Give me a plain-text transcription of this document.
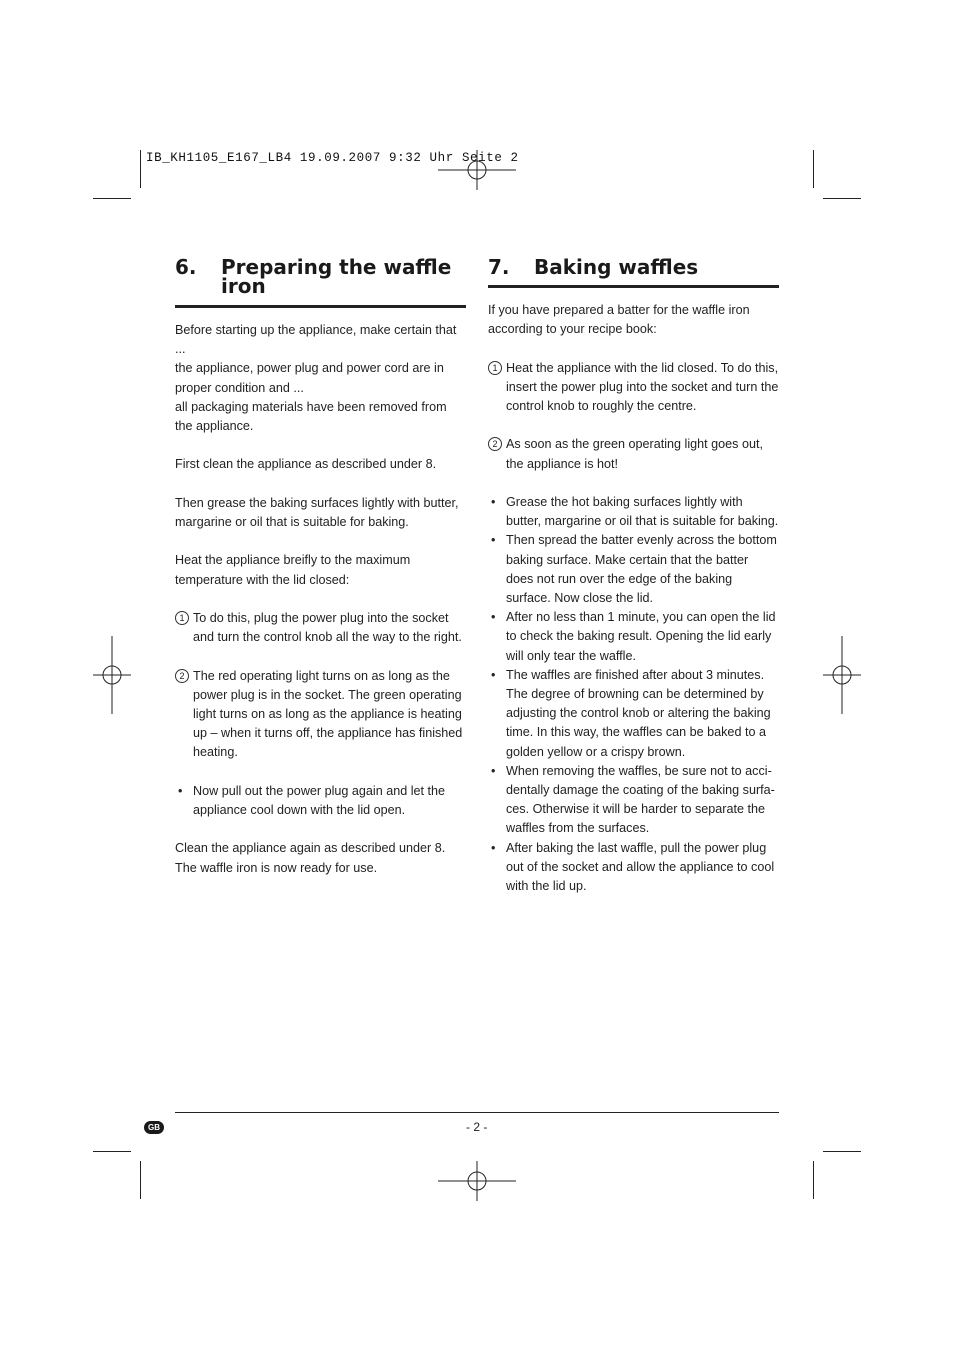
IB_KH1105_E167_LB4 19.09.2007 9:32 Uhr Seite 2
6.	Preparing the waffle iron

Before starting up the appliance, make certain that ...

the appliance, power plug and power cord are in proper condition and ...

all packaging materials have been removed from the appliance.

First clean the appliance as described under 8.

Then grease the baking surfaces lightly with butter, margarine or oil that is suitable for baking.

Heat the appliance breifly to the maximum temperature with the lid closed:

1 To do this, plug the power plug into the socket and turn the control knob all the way to the right.
2 The red operating light turns on as long as the power plug is in the socket. The green operating light turns on as long as the appliance is heating up – when it turns off, the appliance has finished heating.
• Now pull out the power plug again and let the appliance cool down with the lid open.

Clean the appliance again as described under 8.

The waffle iron is now ready for use.

7.	Baking waffles

If you have prepared a batter for the waffle iron according to your recipe book:

1 Heat the appliance with the lid closed. To do this, insert the power plug into the socket and turn the control knob to roughly the centre.
2 As soon as the green operating light goes out, the appliance is hot!
• Grease the hot baking surfaces lightly with butter, margarine or oil that is suitable for baking.
• Then spread the batter evenly across the bottom baking surface. Make certain that the batter does not run over the edge of the baking surface. Now close the lid.
• After no less than 1 minute, you can open the lid to check the baking result. Opening the lid early will only tear the waffle.
• The waffles are finished after about 3 minutes. The degree of browning can be determined by adjusting the control knob or altering the baking time. In this way, the waffles can be baked to a golden yellow or a crispy brown.
• When removing the waffles, be sure not to acci-dentally damage the coating of the baking surfa-ces. Otherwise it will be harder to separate the waffles from the surfaces.
• After baking the last waffle, pull the power plug out of the socket and allow the appliance to cool with the lid up.
GB	- 2 -
